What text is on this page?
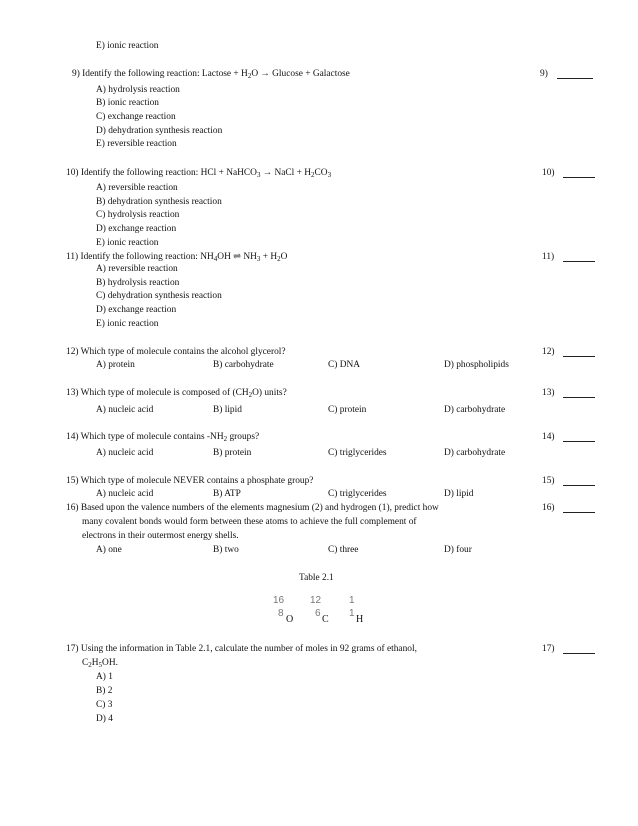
E) ionic reaction
9) Identify the following reaction: Lactose + $H_2O \to Glucose$ + Galactose	9)
A) hydrolysis reaction
B) ionic reaction
C) exchange reaction
D) dehydration synthesis reaction
E) reversible reaction
10) Identify the following reaction: HCl + NaHCO$_3$ → NaCl + $H_2CO_3$	10)
A) reversible reaction
B) dehydration synthesis reaction
C) hydrolysis reaction
D) exchange reaction
E) ionic reaction
11) Identify the following reaction: $NH_4OH$ ⇌ $NH_3 + H_2O$	11)
A) reversible reaction
B) hydrolysis reaction
C) dehydration synthesis reaction
D) exchange reaction
E) ionic reaction
12) Which type of molecule contains the alcohol glycerol?	12)
A) protein	B) carbohydrate	C) DNA	D) phospholipids
13) Which type of molecule is composed of $(CH_2O)$ units?	13)
A) nucleic acid	B) lipid	C) protein	D) carbohydrate
14) Which type of molecule contains $-NH_2$ groups?	14)
A) nucleic acid	B) protein	C) triglycerides	D) carbohydrate
15) Which type of molecule NEVER contains a phosphate group?	15)
A) nucleic acid	B) ATP	C) triglycerides	D) lipid
16) Based upon the valence numbers of the elements magnesium (2) and hydrogen (1), predict how
many covalent bonds would form between these atoms to achieve the full complement of
electrons in their outermost energy shells.
16)
A) one	B) two	C) three	D) four
Table 2.1
16
8
O
12
6
C
1
1
H
17) Using the information in Table 2.1, calculate the number of moles in 92 grams of ethanol,
$C_2H_5OH$.
17)
A) 1
B) 2
C) 3
D) 4
